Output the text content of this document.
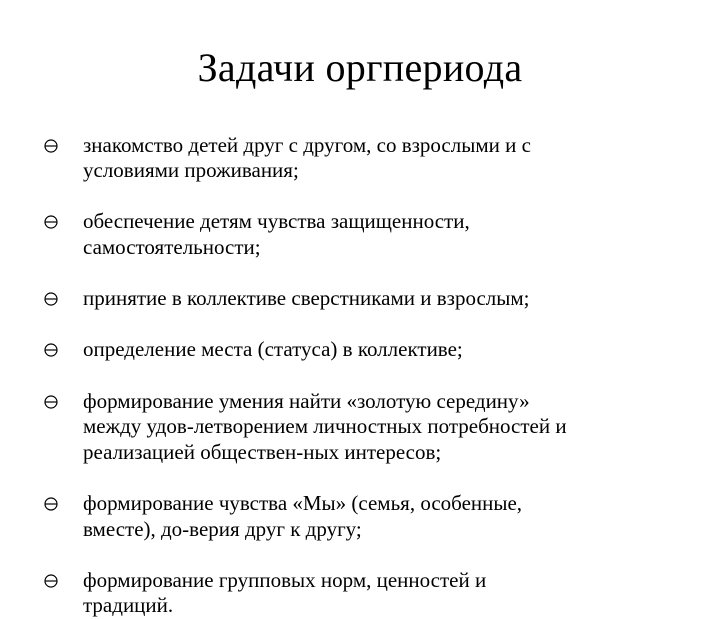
Задачи оргпериода

знакомство детей друг с другом, со взрослыми и с
условиями проживания;

обеспечение детям чувства защищенности,
самостоятельности;

принятие в коллективе сверстниками и взрослым;

определение места (статуса) в коллективе;

формирование умения найти «золотую середину»
между удов-летворением личностных потребностей и
реализацией обществен-ных интересов;

формирование чувства «Мы» (семья, особенные,
вместе), до-верия друг к другу;

формирование групповых норм, ценностей и
традиций.
